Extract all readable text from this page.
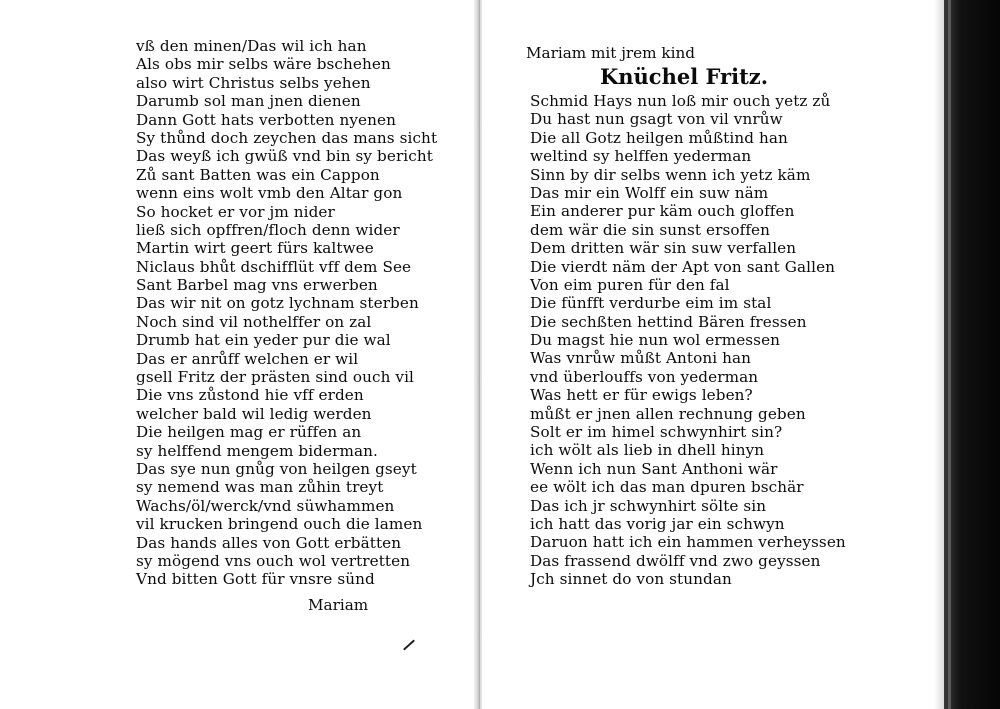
vß den minen/Das wil ich han
Als obs mir selbs wäre bschehen
also wirt Christus selbs yehen
Darumb sol man jnen dienen
Dann Gott hats verbotten nyenen
Sy thůnd doch zeychen das mans sicht
Das weyß ich gwüß vnd bin sy bericht
Zů sant Batten was ein Cappon
wenn eins wolt vmb den Altar gon
So hocket er vor jm nider
ließ sich opffren/floch denn wider
Martin wirt geert fürs kaltwee
Niclaus bhůt dschifflüt vff dem See
Sant Barbel mag vns erwerben
Das wir nit on gotz lychnam sterben
Noch sind vil nothelffer on zal
Drumb hat ein yeder pur die wal
Das er anrůff welchen er wil
gsell Fritz der prästen sind ouch vil
Die vns zůstond hie vff erden
welcher bald wil ledig werden
Die heilgen mag er rüffen an
sy helffend mengem biderman.
Das sye nun gnůg von heilgen gseyt
sy nemend was man zůhin treyt
Wachs/öl/werck/vnd süwhammen
vil krucken bringend ouch die lamen
Das hands alles von Gott erbätten
sy mögend vns ouch wol vertretten
Vnd bitten Gott für vnsre sünd
Mariam
Mariam mit jrem kind
Knüchel Fritz.
Schmid Hays nun loß mir ouch yetz zů
Du hast nun gsagt von vil vnrůw
Die all Gotz heilgen můßtind han
weltind sy helffen yederman
Sinn by dir selbs wenn ich yetz käm
Das mir ein Wolff ein suw näm
Ein anderer pur käm ouch gloffen
dem wär die sin sunst ersoffen
Dem dritten wär sin suw verfallen
Die vierdt näm der Apt von sant Gallen
Von eim puren für den fal
Die fünfft verdurbe eim im stal
Die sechßten hettind Bären fressen
Du magst hie nun wol ermessen
Was vnrůw můßt Antoni han
vnd überlouffs von yederman
Was hett er für ewigs leben?
můßt er jnen allen rechnung geben
Solt er im himel schwynhirt sin?
ich wölt als lieb in dhell hinyn
Wenn ich nun Sant Anthoni wär
ee wölt ich das man dpuren bschär
Das ich jr schwynhirt sölte sin
ich hatt das vorig jar ein schwyn
Daruon hatt ich ein hammen verheyssen
Das frassend dwölff vnd zwo geyssen
Jch sinnet do von stundan
